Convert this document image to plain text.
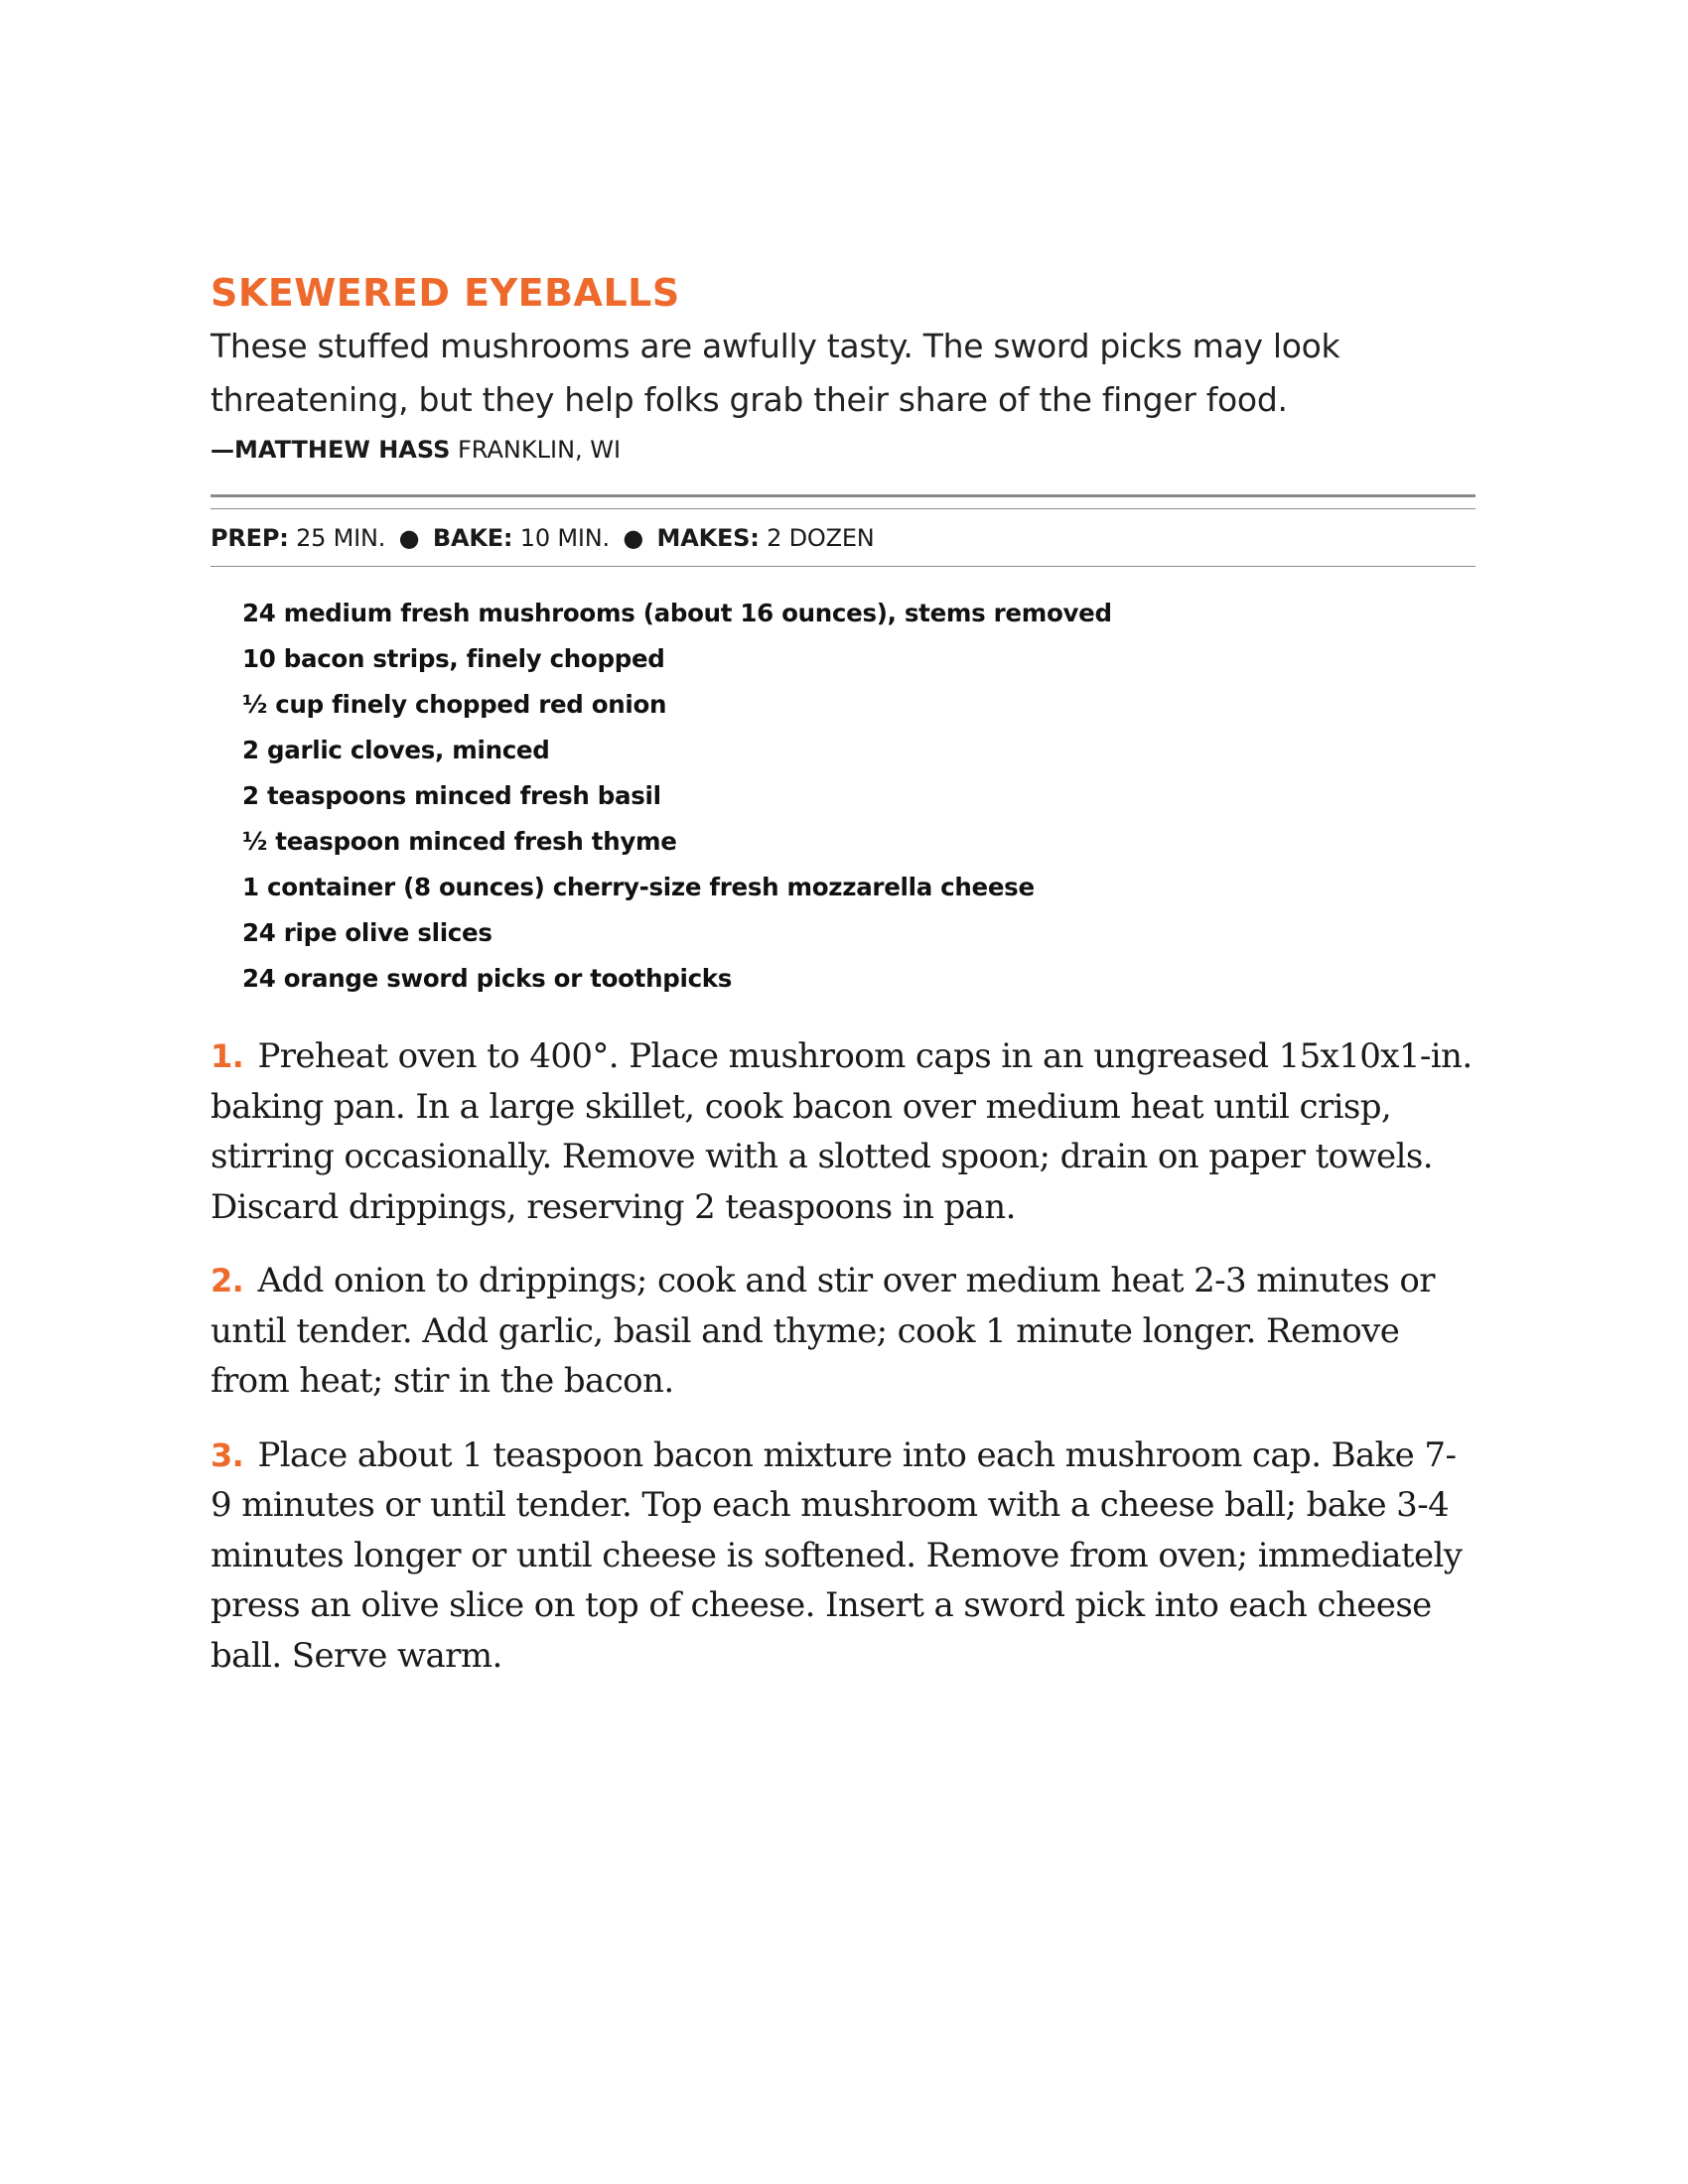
SKEWERED EYEBALLS

These stuffed mushrooms are awfully tasty. The sword picks may look threatening, but they help folks grab their share of the finger food.

—MATTHEW HASS FRANKLIN, WI
PREP: 25 MIN. ● BAKE: 10 MIN. ● MAKES: 2 DOZEN
24 medium fresh mushrooms (about 16 ounces), stems removed
10 bacon strips, finely chopped
½ cup finely chopped red onion
2 garlic cloves, minced
2 teaspoons minced fresh basil
½ teaspoon minced fresh thyme
1 container (8 ounces) cherry-size fresh mozzarella cheese
24 ripe olive slices
24 orange sword picks or toothpicks

1. Preheat oven to 400°. Place mushroom caps in an ungreased 15x10x1-in. baking pan. In a large skillet, cook bacon over medium heat until crisp, stirring occasionally. Remove with a slotted spoon; drain on paper towels. Discard drippings, reserving 2 teaspoons in pan.

2. Add onion to drippings; cook and stir over medium heat 2-3 minutes or until tender. Add garlic, basil and thyme; cook 1 minute longer. Remove from heat; stir in the bacon.

3. Place about 1 teaspoon bacon mixture into each mushroom cap. Bake 7-9 minutes or until tender. Top each mushroom with a cheese ball; bake 3-4 minutes longer or until cheese is softened. Remove from oven; immediately press an olive slice on top of cheese. Insert a sword pick into each cheese ball. Serve warm.
